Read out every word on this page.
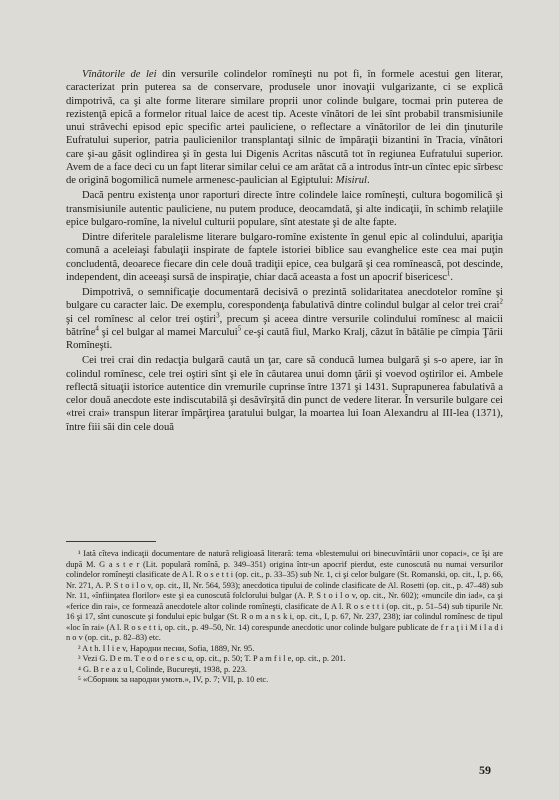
Vînătorile de lei din versurile colindelor romîneşti nu pot fi, în formele acestui gen literar, caracterizat prin puterea sa de conservare, produsele unor inovaţii vulgarizante, ci se explică dimpotrivă, ca şi alte forme literare similare proprii unor colinde bulgare, tocmai prin puterea de rezistenţă epică a formelor ritual laice de acest tip. Aceste vînători de lei sînt probabil transmisiunile unui străvechi episod epic specific artei pauliciene, o reflectare a vînătorilor de lei din ţinuturile Eufratului superior, patria paulicienilor transplantaţi silnic de împăraţii bizantini în Tracia, vînători care şi-au găsit oglindirea şi în gesta lui Digenis Acritas născută tot în regiunea Eufratului superior. Avem de a face deci cu un fapt literar similar celui ce am arătat că a introdus într-un cîntec epic sîrbesc de origină bogomilică numele armenesc-paulician al Egiptului: Misirul.

Dacă pentru existenţa unor raporturi directe între colindele laice romîneşti, cultura bogomilică şi transmisiunile autentic pauliciene, nu putem produce, deocamdată, şi alte indicaţii, în schimb relaţiile epice bulgaro-romîne, la nivelul culturii populare, sînt atestate şi de alte fapte.

Dintre diferitele paralelisme literare bulgaro-romîne existente în genul epic al colindului, apariţia comună a aceleiaşi fabulaţii inspirate de faptele istoriei biblice sau evanghelice este cea mai puţin concludentă, deoarece fiecare din cele două tradiţii epice, cea bulgară şi cea romînească, pot descinde, independent, din aceeaşi sursă de inspiraţie, chiar dacă aceasta a fost un apocrif bisericesc$^1$.

Dimpotrivă, o semnificaţie documentară decisivă o prezintă solidaritatea anecdotelor romîne şi bulgare cu caracter laic. De exemplu, corespondenţa fabulativă dintre colindul bulgar al celor trei crai$^2$ şi cel romînesc al celor trei oştiri$^3$, precum şi aceea dintre versurile colindului romînesc al maicii bătrîne$^4$ şi cel bulgar al mamei Marcului$^5$ ce-şi caută fiul, Marko Kralj, căzut în bătălie pe cîmpia Ţării Romîneşti.

Cei trei crai din redacţia bulgară caută un ţar, care să conducă lumea bulgară şi s-o apere, iar în colindul romînesc, cele trei oştiri sînt şi ele în căutarea unui domn ţării şi voevod oştirilor ei. Ambele reflectă situaţii istorice autentice din vremurile cuprinse între 1371 şi 1431. Suprapunerea fabulativă a celor două anecdote este indiscutabilă şi desăvîrşită din punct de vedere literar. În versurile bulgare cei «trei crai» transpun literar împărţirea ţaratului bulgar, la moartea lui Ioan Alexandru al III-lea (1371), între fiii săi din cele două

¹ Iată cîteva indicaţii documentare de natură religioasă literară: tema «blestemului ori binecuvîntării unor copaci», ce îşi are după M. G a s t e r (Lit. populară romînă, p. 349–351) origina într-un apocrif pierdut, este cunoscută nu numai versurilor colindelor romîneşti clasificate de A l. R o s e t t i (op. cit., p. 33–35) sub Nr. 1, ci şi celor bulgare (St. Romanski, op. cit., I, p. 66, Nr. 271, A. P. S t o i l o v, op. cit., II, Nr. 564, 593); anecdotica tipului de colinde clasificate de Al. Rosetti (op. cit., p. 47–48) sub Nr. 11, «înfiinţatea florilor» este şi ea cunoscută folclorului bulgar (A. P. S t o i l o v, op. cit., Nr. 602); «muncile din iad», ca şi «ferice din rai», ce formează anecdotele altor colinde romîneşti, clasificate de A l. R o s e t t i (op. cit., p. 51–54) sub tipurile Nr. 16 şi 17, sînt cunoscute şi fondului epic bulgar (St. R o m a n s k i, op. cit., I, p. 67, Nr. 237, 238); iar colindul romînesc de tipul «loc în rai» (A l. R o s e t t i, op. cit., p. 49–50, Nr. 14) corespunde anecdotic unor colinde bulgare publicate de f r a ţ i i M i l a d i n o v (op. cit., p. 82–83) etc.

² A t h. I l i e v, Народни песни, Sofia, 1889, Nr. 95.

³ Vezi G. D e m. T e o d o r e s c u, op. cit., p. 50; T. P a m f i l e, op. cit., p. 201.

⁴ G. B r e a z u l, Colinde, Bucureşti, 1938, p. 223.

⁵ «Сборник за народни умотв.», IV, p. 7; VII, p. 10 etc.

59
